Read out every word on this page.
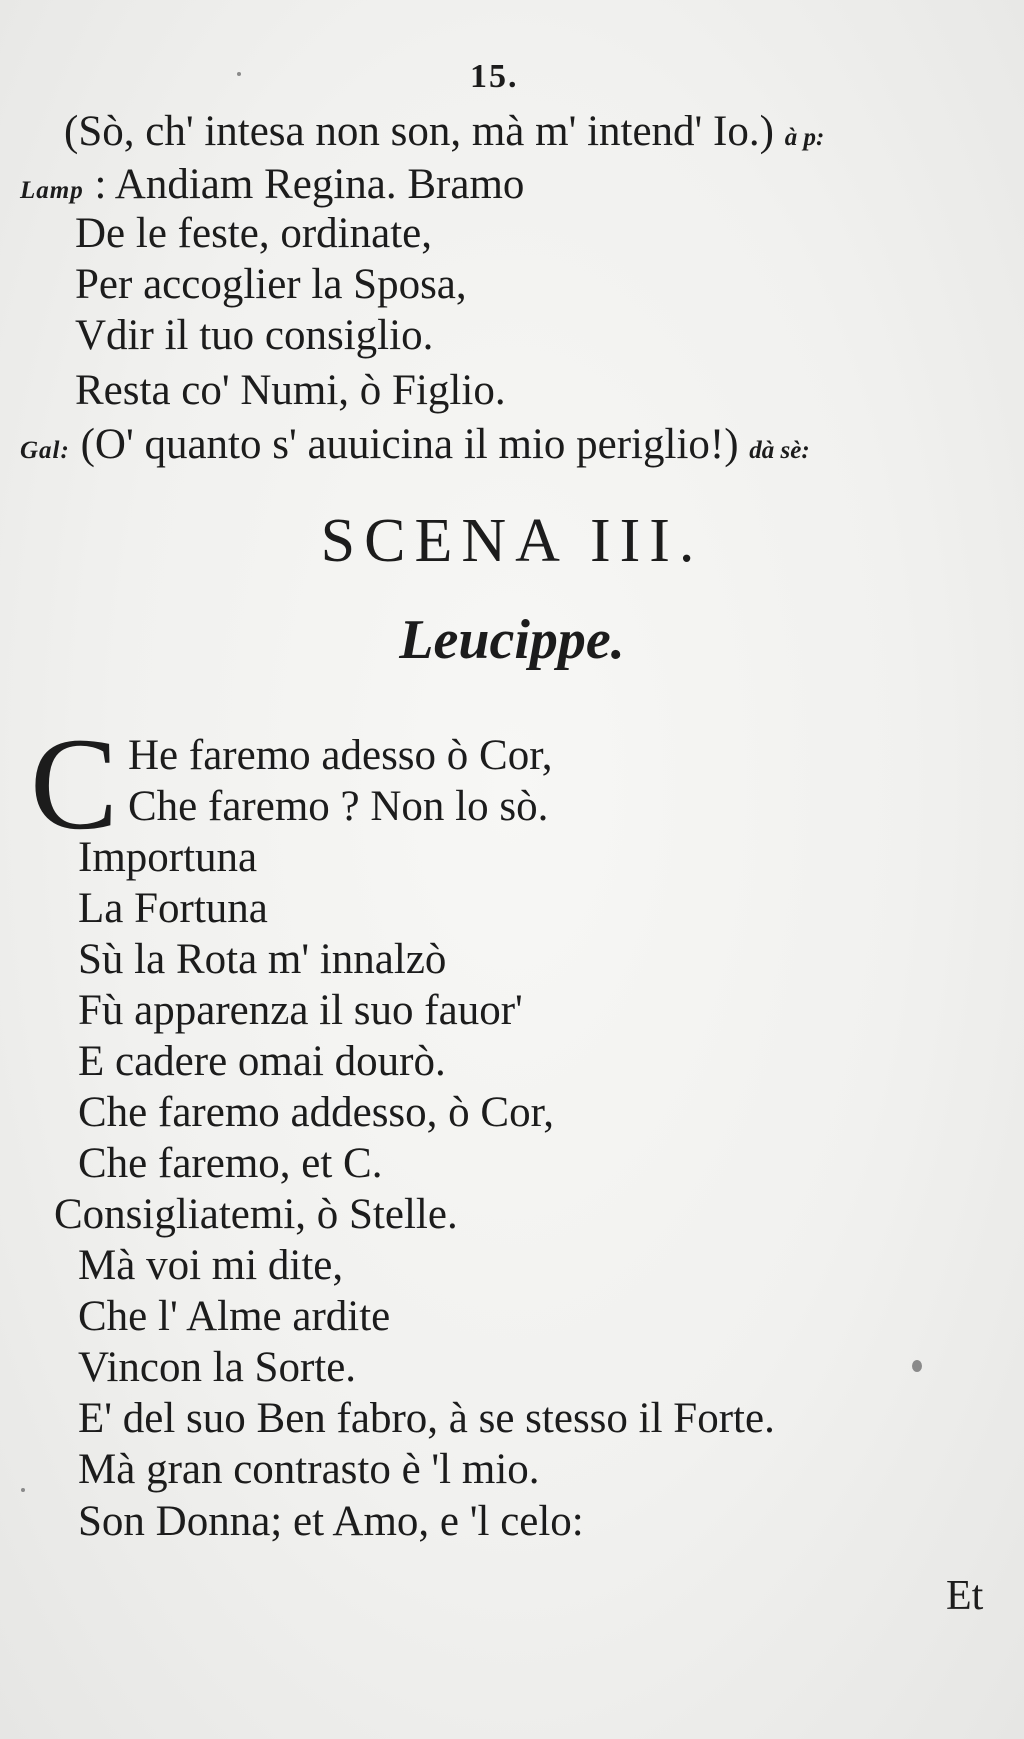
15.
(Sò, ch' intesa non son, mà m' intend' Io.) à p:
Lamp : Andiam Regina. Bramo
De le feste, ordinate,
Per accoglier la Sposa,
Vdir il tuo consiglio.
Resta co' Numi, ò Figlio.
Gal: (O' quanto s' auuicina il mio periglio!) dà sè:
SCENA III.
Leucippe.
C He faremo adesso ò Cor,
Che faremo ? Non lo sò.
Importuna
La Fortuna
Sù la Rota m' innalzò
Fù apparenza il suo fauor'
E cadere omai dourò.
Che faremo addesso, ò Cor,
Che faremo, et C.
Consigliatemi, ò Stelle.
Mà voi mi dite,
Che l' Alme ardite
Vincon la Sorte.
E' del suo Ben fabro, à se stesso il Forte.
Mà gran contrasto è 'l mio.
Son Donna; et Amo, e 'l celo:
Et
